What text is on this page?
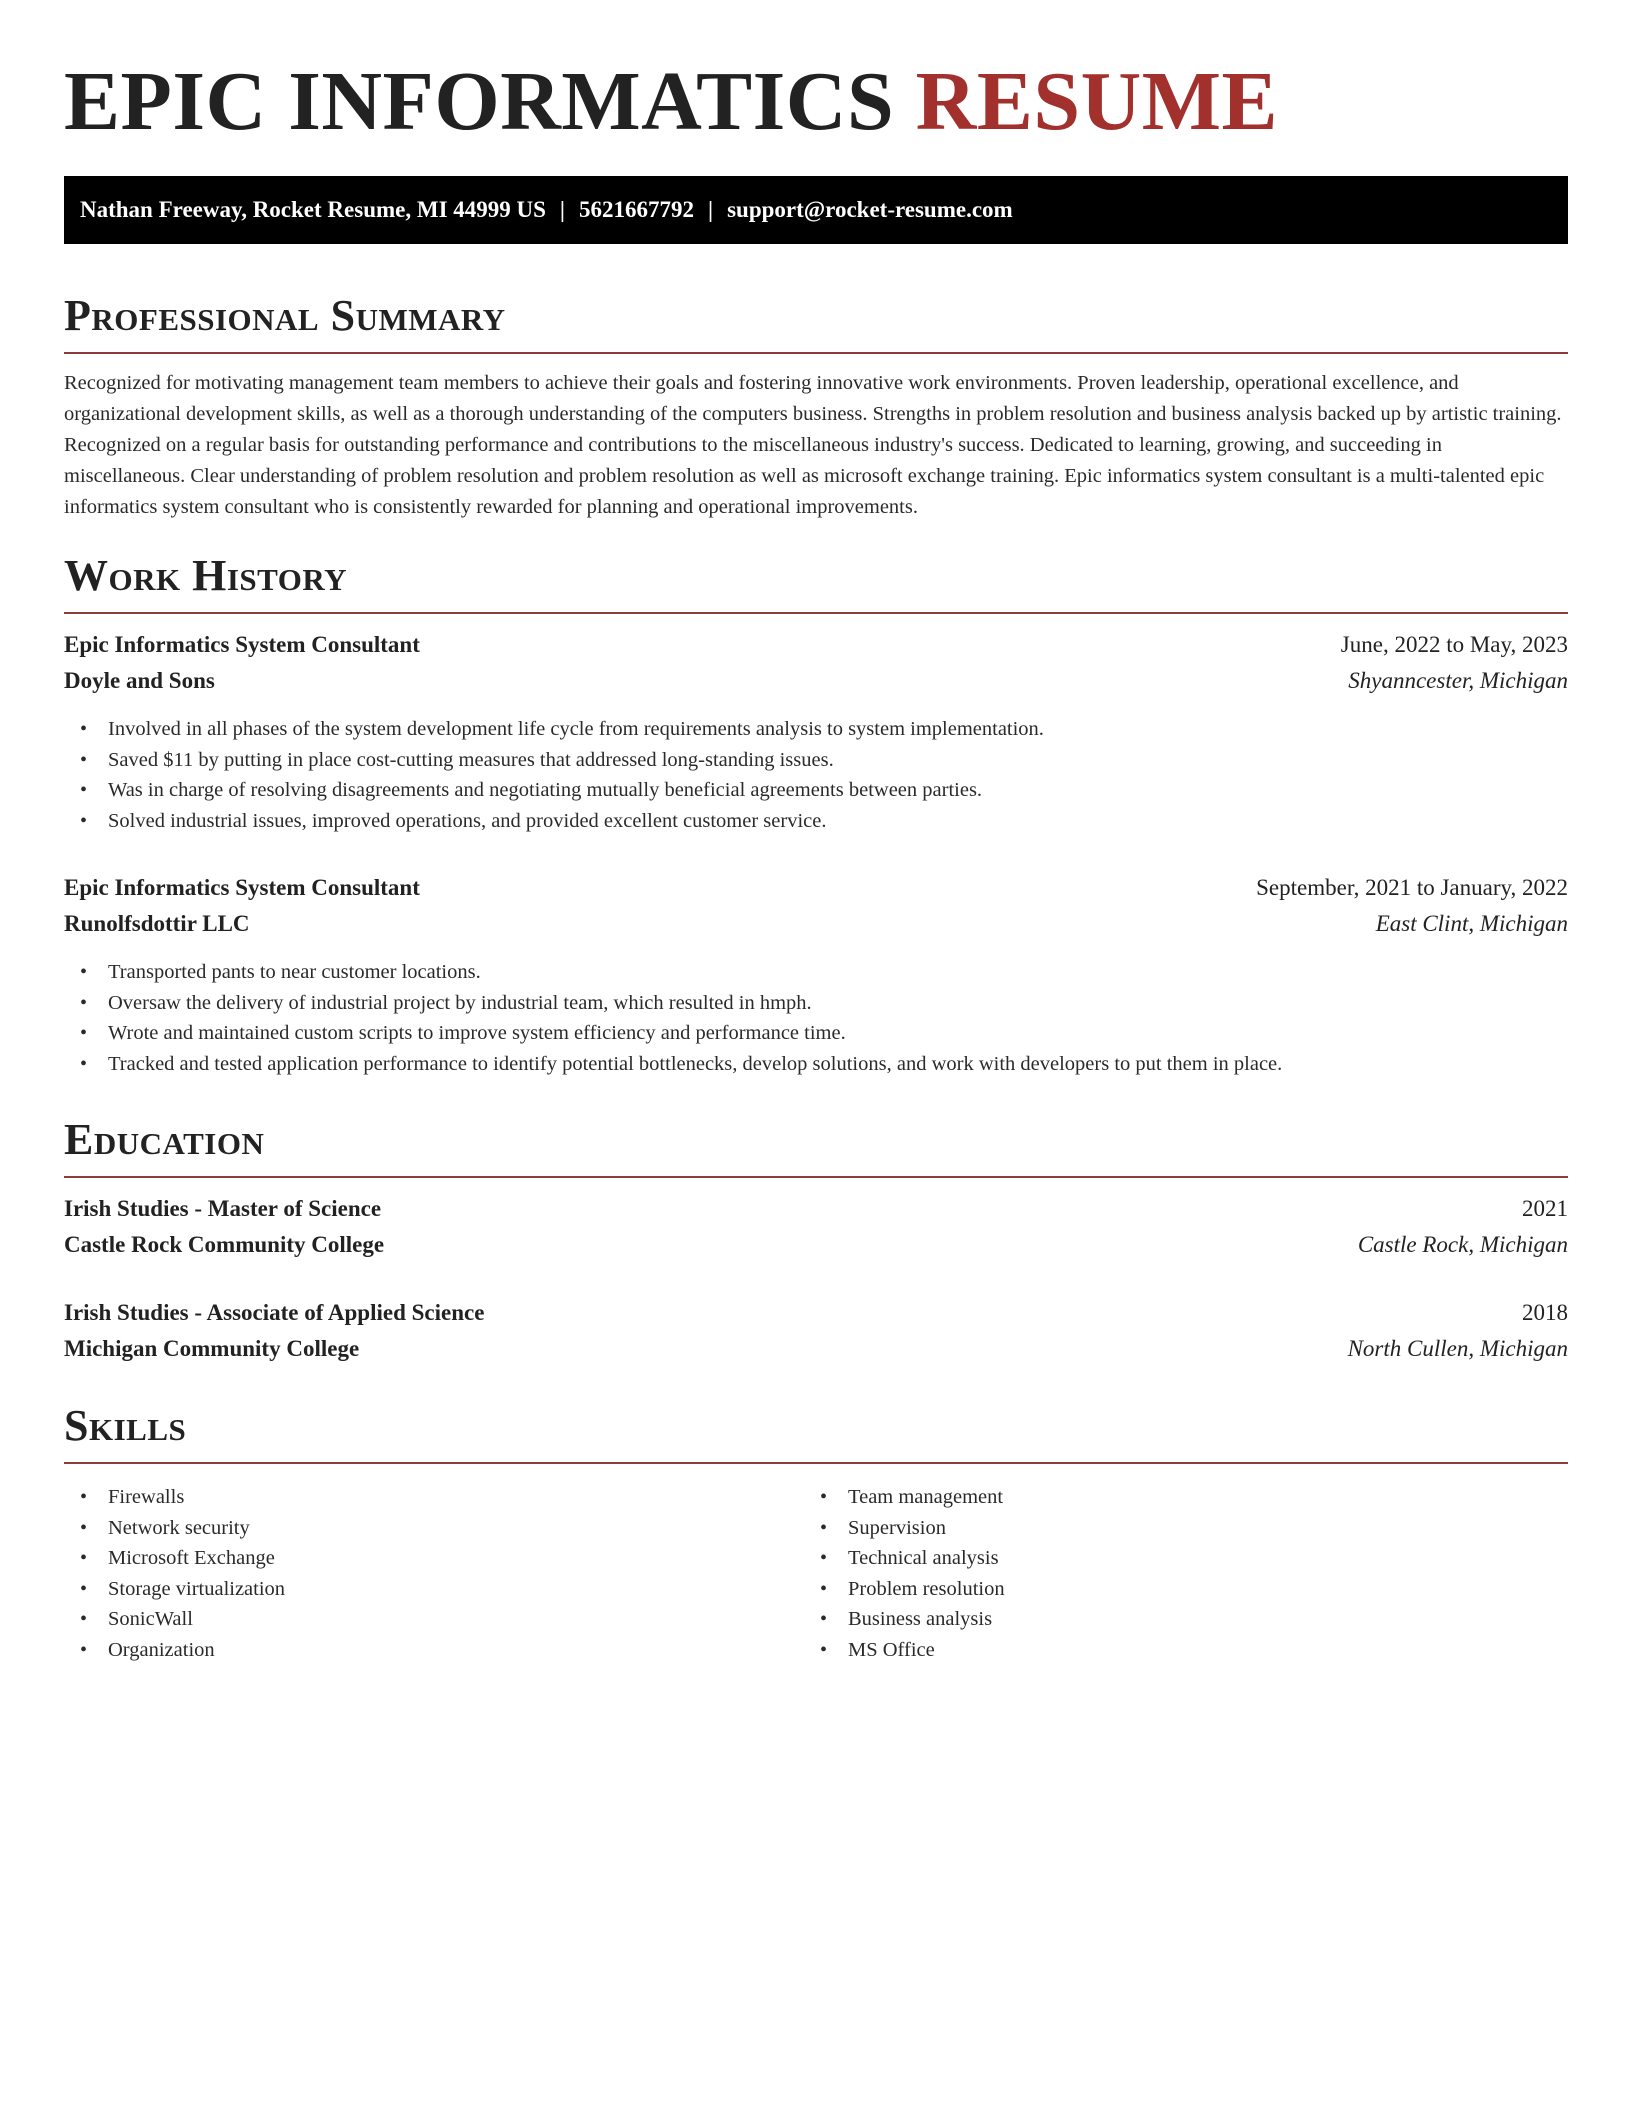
EPIC INFORMATICS RESUME
Nathan Freeway, Rocket Resume, MI 44999 US | 5621667792 | support@rocket-resume.com
Professional Summary

Recognized for motivating management team members to achieve their goals and fostering innovative work environments. Proven leadership, operational excellence, and organizational development skills, as well as a thorough understanding of the computers business. Strengths in problem resolution and business analysis backed up by artistic training. Recognized on a regular basis for outstanding performance and contributions to the miscellaneous industry's success. Dedicated to learning, growing, and succeeding in miscellaneous. Clear understanding of problem resolution and problem resolution as well as microsoft exchange training. Epic informatics system consultant is a multi-talented epic informatics system consultant who is consistently rewarded for planning and operational improvements.

Work History
Epic Informatics System Consultant	June, 2022 to May, 2023
Doyle and Sons	Shyanncester, Michigan
• Involved in all phases of the system development life cycle from requirements analysis to system implementation.
• Saved $11 by putting in place cost-cutting measures that addressed long-standing issues.
• Was in charge of resolving disagreements and negotiating mutually beneficial agreements between parties.
• Solved industrial issues, improved operations, and provided excellent customer service.
Epic Informatics System Consultant	September, 2021 to January, 2022
Runolfsdottir LLC	East Clint, Michigan
• Transported pants to near customer locations.
• Oversaw the delivery of industrial project by industrial team, which resulted in hmph.
• Wrote and maintained custom scripts to improve system efficiency and performance time.
• Tracked and tested application performance to identify potential bottlenecks, develop solutions, and work with developers to put them in place.
Education
Irish Studies - Master of Science	2021
Castle Rock Community College	Castle Rock, Michigan
Irish Studies - Associate of Applied Science	2018
Michigan Community College	North Cullen, Michigan
Skills
• Firewalls
• Network security
• Microsoft Exchange
• Storage virtualization
• SonicWall
• Organization
• Team management
• Supervision
• Technical analysis
• Problem resolution
• Business analysis
• MS Office
